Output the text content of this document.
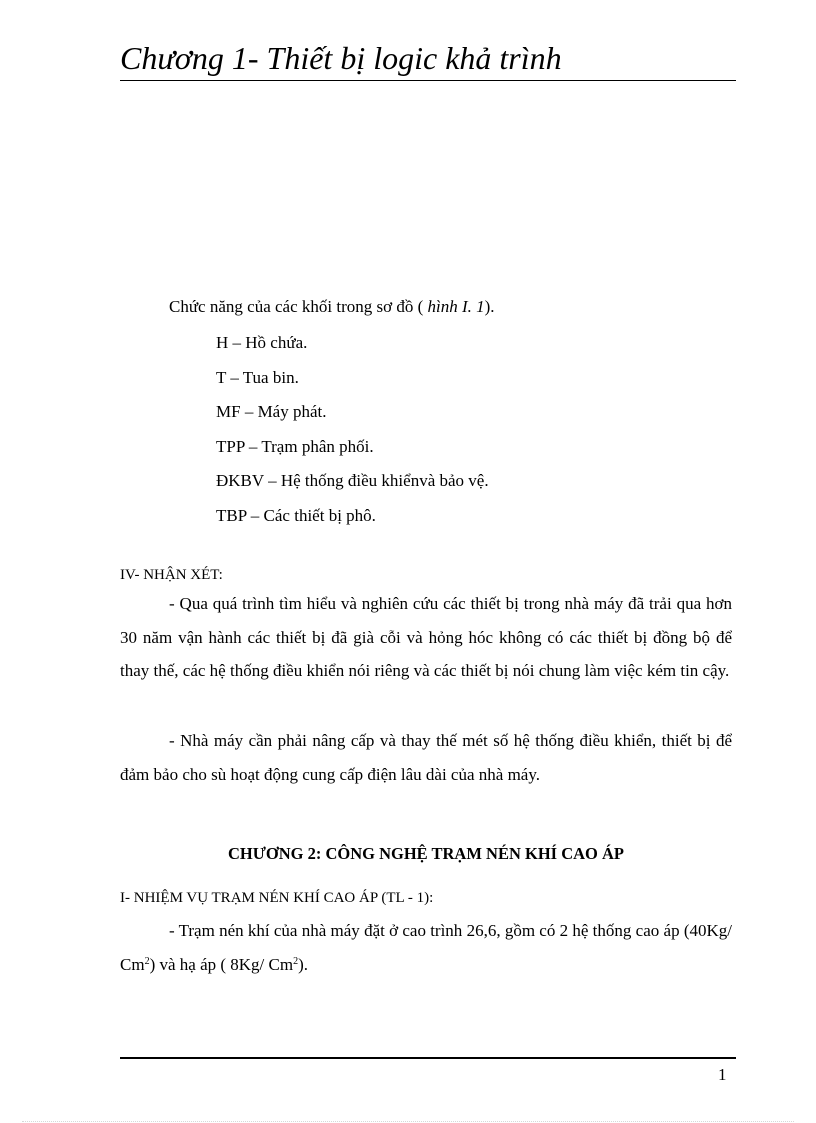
Chương 1- Thiết bị logic khả trình
Chức năng của các khối trong sơ đồ ( hình I. 1).
H – Hồ chứa.
T – Tua bin.
MF – Máy phát.
TPP – Trạm phân phối.
ĐKBV – Hệ thống điều khiểnvà bảo vệ.
TBP – Các thiết bị phô.
IV- NHẬN XÉT:

- Qua quá trình tìm hiểu và nghiên cứu các thiết bị trong nhà máy đã trải qua hơn 30 năm vận hành các thiết bị đã già cỗi và hỏng hóc không có các thiết bị đồng bộ để thay thế, các hệ thống điều khiển nói riêng và các thiết bị nói chung làm việc kém tin cậy.

- Nhà máy cần phải nâng cấp và thay thế mét số hệ thống điều khiển, thiết bị để đảm bảo cho sù hoạt động cung cấp điện lâu dài của nhà máy.

CHƯƠNG 2: CÔNG NGHỆ TRẠM NÉN KHÍ CAO ÁP
I- NHIỆM VỤ TRẠM NÉN KHÍ CAO ÁP (TL - 1):

- Trạm nén khí của nhà máy đặt ở cao trình 26,6, gồm có 2 hệ thống cao áp (40Kg/ Cm$^2$) và hạ áp ( 8Kg/ Cm$^2$).

1
